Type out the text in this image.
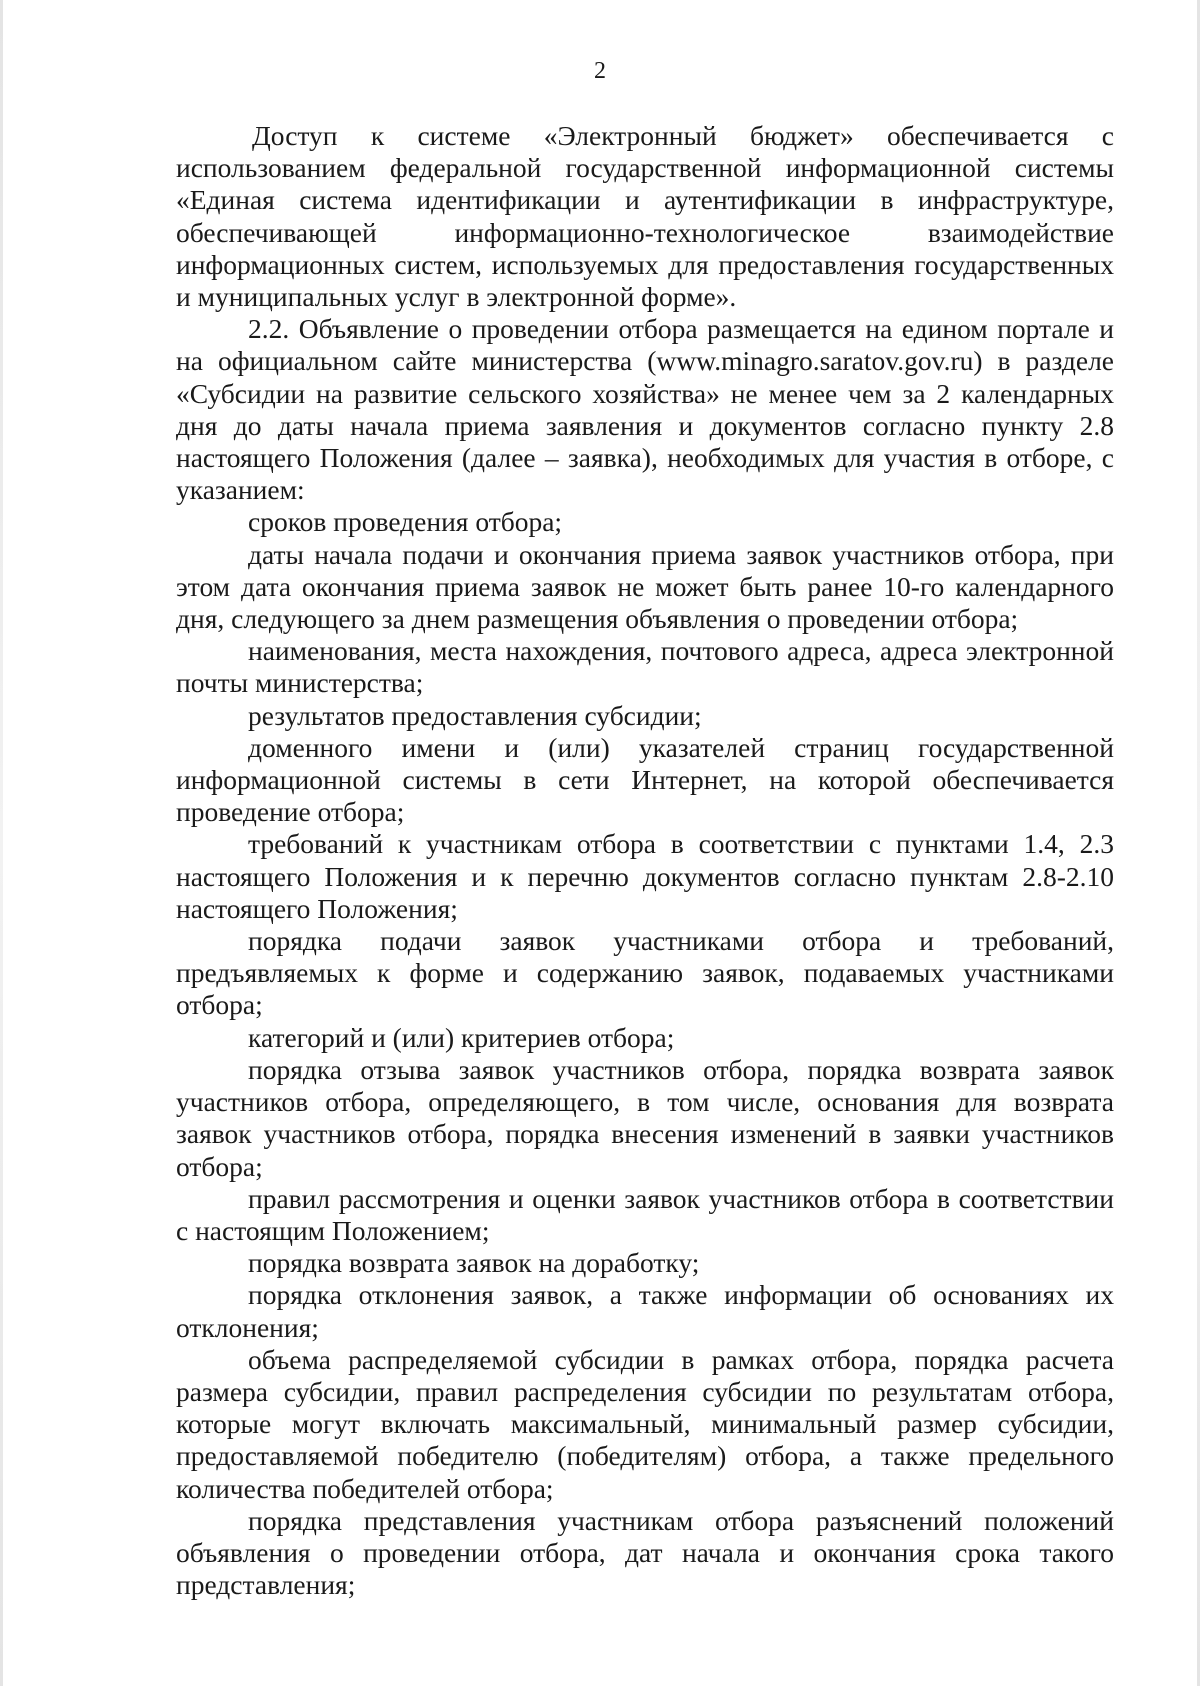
2

Доступ к системе «Электронный бюджет» обеспечивается с использованием федеральной государственной информационной системы «Единая система идентификации и аутентификации в инфраструктуре, обеспечивающей информационно-технологическое взаимодействие информационных систем, используемых для предоставления государственных и муниципальных услуг в электронной форме».

2.2. Объявление о проведении отбора размещается на едином портале и на официальном сайте министерства (www.minagro.saratov.gov.ru) в разделе «Субсидии на развитие сельского хозяйства» не менее чем за 2 календарных дня до даты начала приема заявления и документов согласно пункту 2.8 настоящего Положения (далее – заявка), необходимых для участия в отборе, с указанием:

сроков проведения отбора;

даты начала подачи и окончания приема заявок участников отбора, при этом дата окончания приема заявок не может быть ранее 10-го календарного дня, следующего за днем размещения объявления о проведении отбора;

наименования, места нахождения, почтового адреса, адреса электронной почты министерства;

результатов предоставления субсидии;

доменного имени и (или) указателей страниц государственной информационной системы в сети Интернет, на которой обеспечивается проведение отбора;

требований к участникам отбора в соответствии с пунктами 1.4, 2.3 настоящего Положения и к перечню документов согласно пунктам 2.8-2.10 настоящего Положения;

порядка подачи заявок участниками отбора и требований, предъявляемых к форме и содержанию заявок, подаваемых участниками отбора;

категорий и (или) критериев отбора;

порядка отзыва заявок участников отбора, порядка возврата заявок участников отбора, определяющего, в том числе, основания для возврата заявок участников отбора, порядка внесения изменений в заявки участников отбора;

правил рассмотрения и оценки заявок участников отбора в соответствии с настоящим Положением;

порядка возврата заявок на доработку;

порядка отклонения заявок, а также информации об основаниях их отклонения;

объема распределяемой субсидии в рамках отбора, порядка расчета размера субсидии, правил распределения субсидии по результатам отбора, которые могут включать максимальный, минимальный размер субсидии, предоставляемой победителю (победителям) отбора, а также предельного количества победителей отбора;

порядка представления участникам отбора разъяснений положений объявления о проведении отбора, дат начала и окончания срока такого представления;
